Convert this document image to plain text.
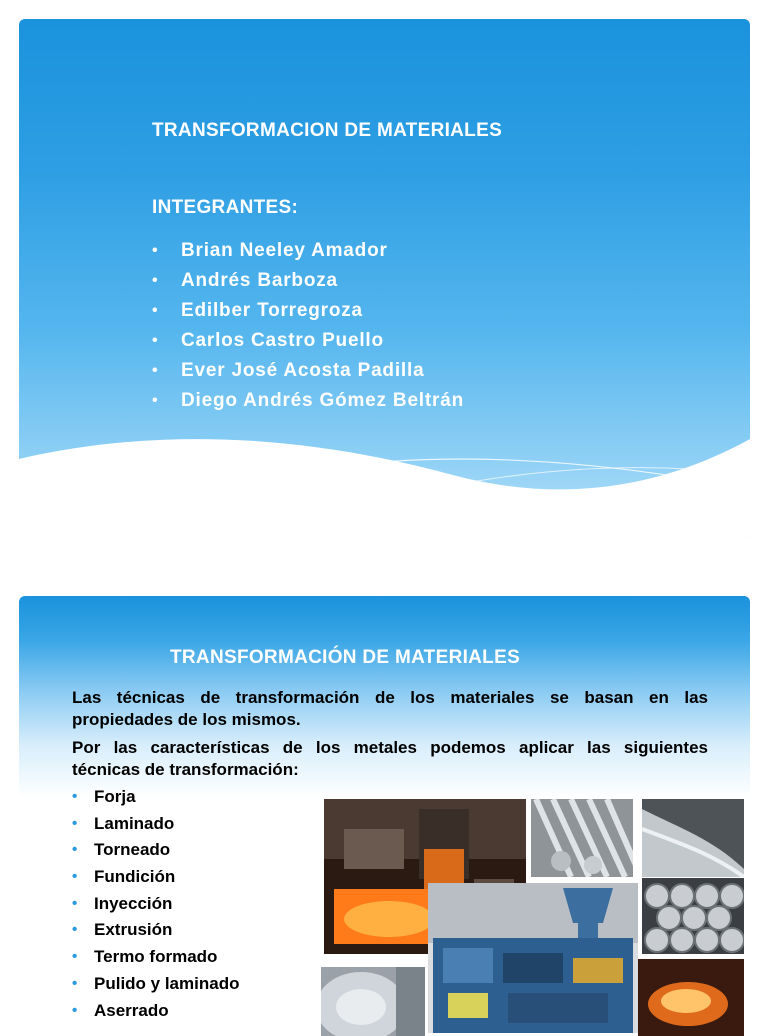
TRANSFORMACION DE MATERIALES
INTEGRANTES:
• Brian Neeley Amador
• Andrés Barboza
• Edilber Torregroza
• Carlos Castro Puello
• Ever José Acosta Padilla
• Diego Andrés Gómez Beltrán
TRANSFORMACIÓN DE MATERIALES
Las técnicas de transformación de los materiales se basan en las
propiedades de los mismos.
Por las características de los metales podemos aplicar las siguientes
técnicas de transformación:
• Forja
• Laminado
• Torneado
• Fundición
• Inyección
• Extrusión
• Termo formado
• Pulido y laminado
• Aserrado
